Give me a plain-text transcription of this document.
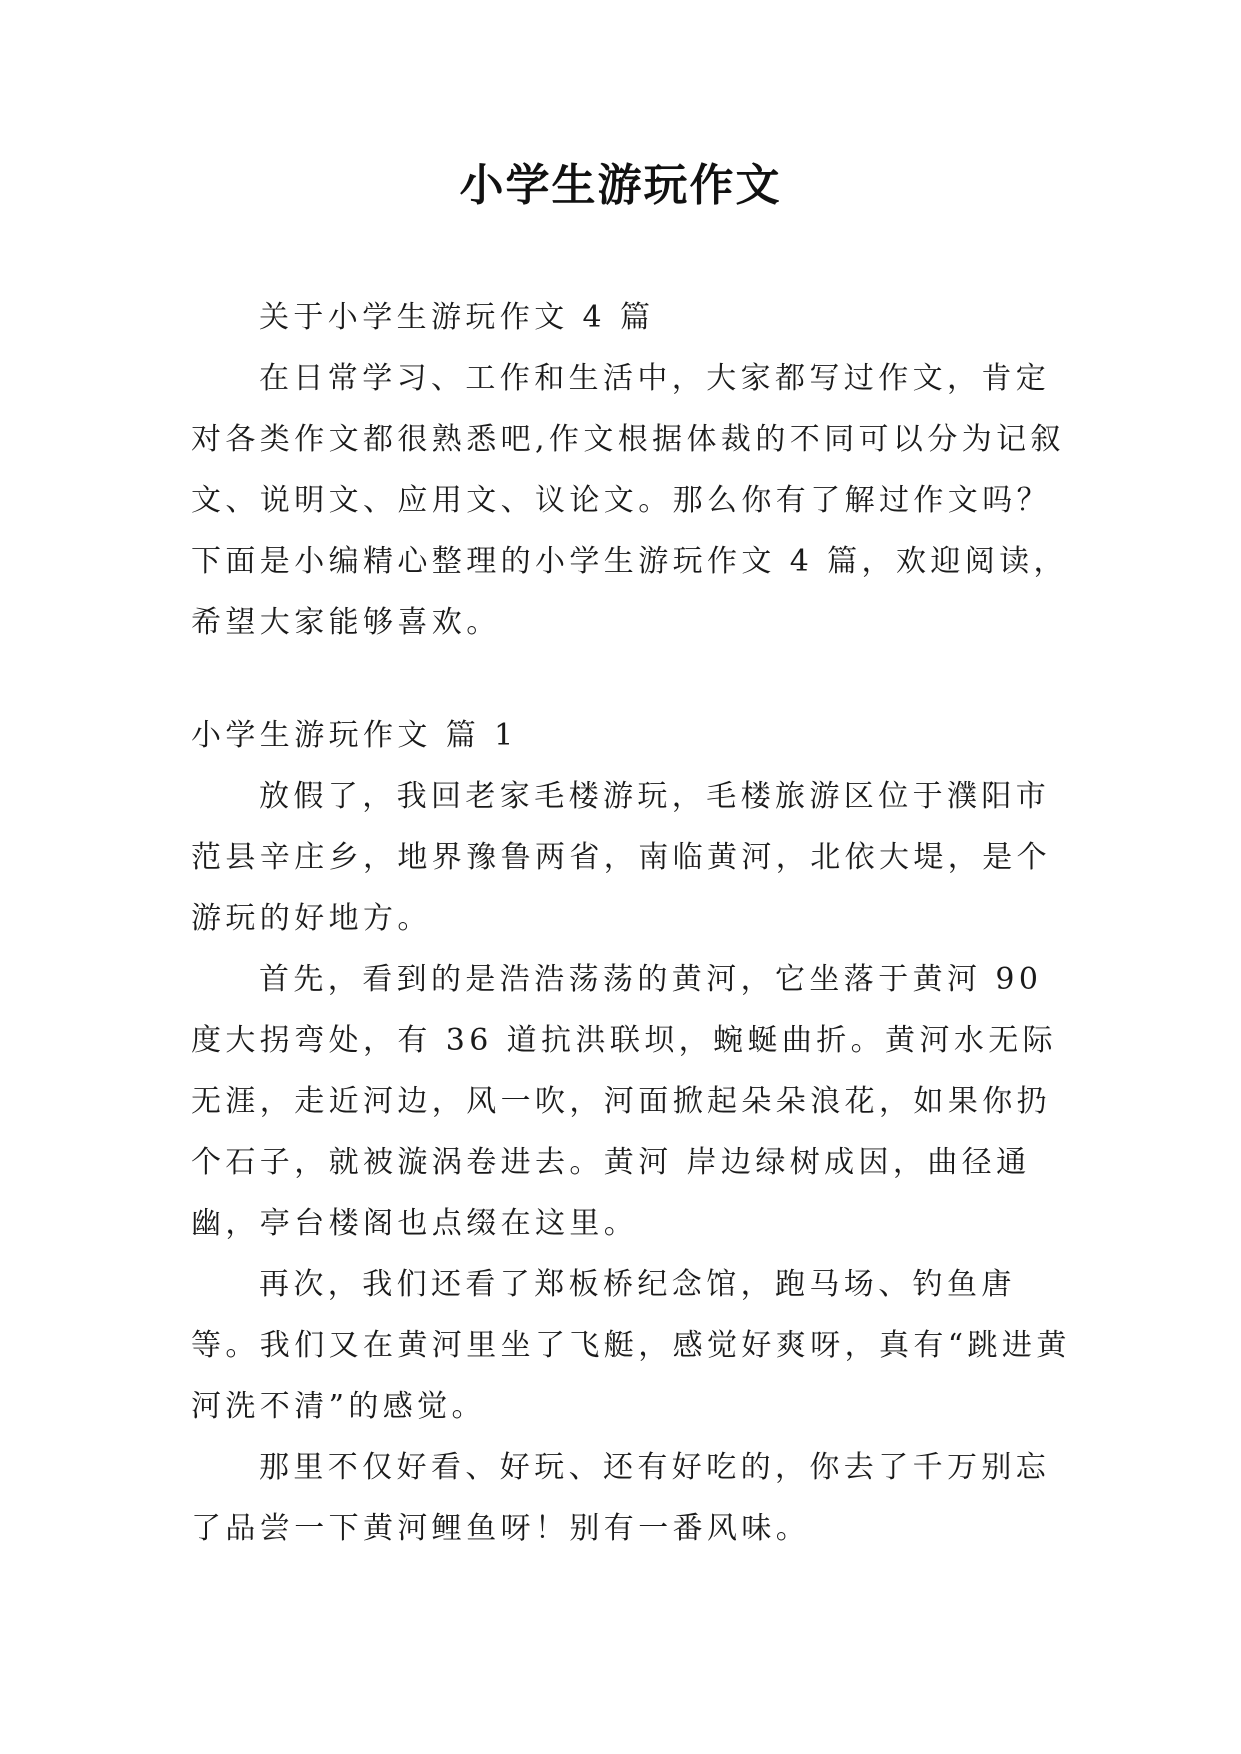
小学生游玩作文

关于小学生游玩作文 4 篇

在日常学习、工作和生活中，大家都写过作文，肯定对各类作文都很熟悉吧,作文根据体裁的不同可以分为记叙文、说明文、应用文、议论文。那么你有了解过作文吗？下面是小编精心整理的小学生游玩作文 4 篇，欢迎阅读，希望大家能够喜欢。

小学生游玩作文 篇 1

放假了，我回老家毛楼游玩，毛楼旅游区位于濮阳市范县辛庄乡，地界豫鲁两省，南临黄河，北依大堤，是个游玩的好地方。

首先，看到的是浩浩荡荡的黄河，它坐落于黄河 90 度大拐弯处，有 36 道抗洪联坝，蜿蜒曲折。黄河水无际无涯，走近河边，风一吹，河面掀起朵朵浪花，如果你扔个石子，就被漩涡卷进去。黄河 岸边绿树成因，曲径通幽，亭台楼阁也点缀在这里。

再次，我们还看了郑板桥纪念馆，跑马场、钓鱼唐等。我们又在黄河里坐了飞艇，感觉好爽呀，真有“跳进黄河洗不清”的感觉。

那里不仅好看、好玩、还有好吃的，你去了千万别忘了品尝一下黄河鲤鱼呀！别有一番风味。
